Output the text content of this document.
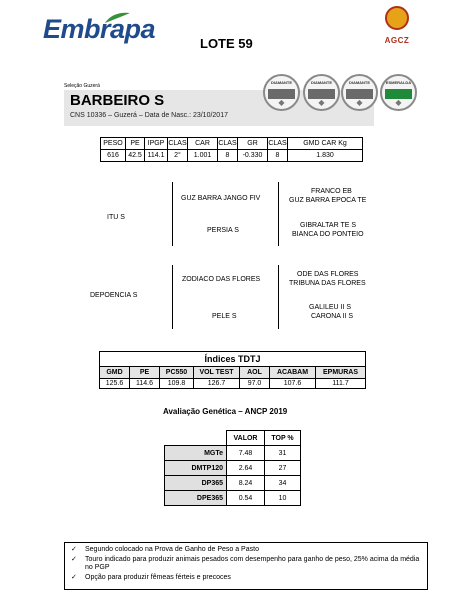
Embrapa	LOTE 59	AGCZ
Seleção Guzerá
BARBEIRO S
CNS 10336 – Guzerá – Data de Nasc.: 23/10/2017
DIAMANTE
◆
DIAMANTE
◆
DIAMANTE
◆
ESMERALDA
◆
PESO	PE	IPGP	CLAS	CAR	CLAS	GR	CLAS	GMD CAR Kg
616	42.5	114.1	2°	1.001	8	-0.330	8	1.830
ITU S
GUZ BARRA JANGO FIV
FRANCO EB
GUZ BARRA EPOCA TE
PERSIA S
GIBRALTAR TE S
BIANCA DO PONTEIO
DEPOENCIA S
ZODIACO DAS FLORES
ODE DAS FLORES
TRIBUNA DAS FLORES
PELE S
GALILEU II S
CARONA II S
Índices TDTJ						
GMD	PE	PC550	VOL TEST	AOL	ACABAM	EPMURAS
125.6	114.6	109.8	126.7	97.0	107.6	111.7
Avaliação Genética – ANCP 2019
	VALOR	TOP %
MGTe	7.48	31
DMTP120	2.64	27
DP365	8.24	34
DPE365	0.54	10
✓ Segundo colocado na Prova de Ganho de Peso a Pasto
✓ Touro indicado para produzir animais pesados com desempenho para ganho de peso, 25% acima da média no PGP
✓ Opção para produzir fêmeas férteis e precoces
